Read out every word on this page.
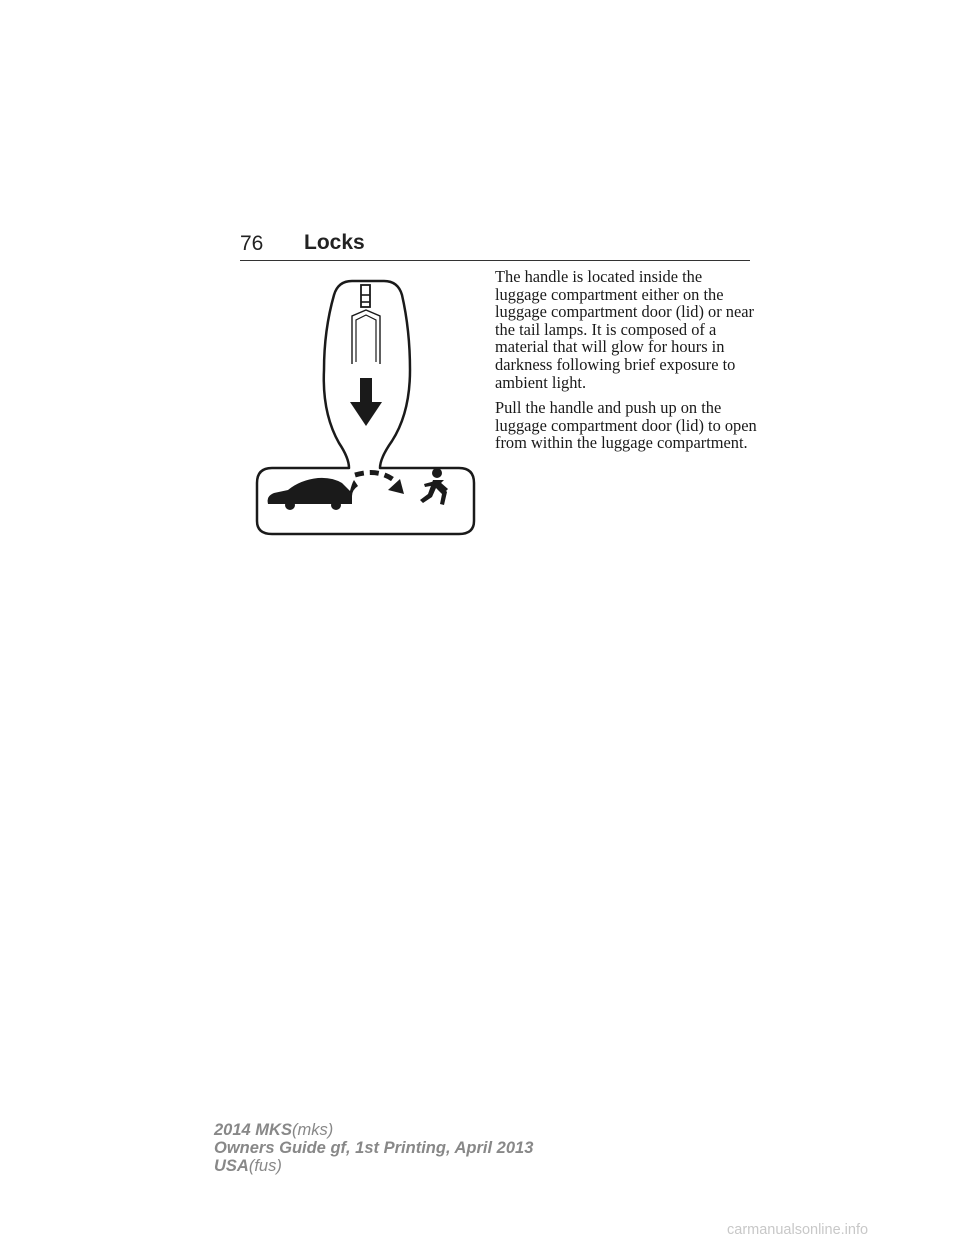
76 Locks

The handle is located inside the luggage compartment either on the luggage compartment door (lid) or near the tail lamps. It is composed of a material that will glow for hours in darkness following brief exposure to ambient light.

Pull the handle and push up on the luggage compartment door (lid) to open from within the luggage compartment.

2014 MKS(mks)
Owners Guide gf, 1st Printing, April 2013
USA(fus)
carmanualsonline.info
